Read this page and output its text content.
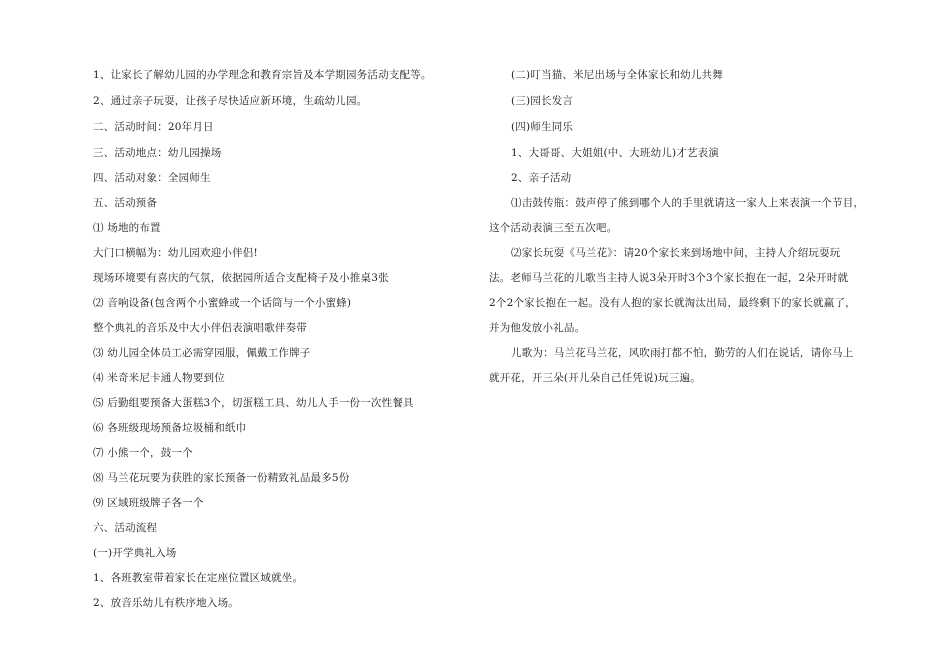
1、让家长了解幼儿园的办学理念和教育宗旨及本学期园务活动支配等。
2、通过亲子玩耍，让孩子尽快适应新环境，生疏幼儿园。
二、活动时间：20年月日
三、活动地点：幼儿园操场
四、活动对象：全园师生
五、活动预备
⑴ 场地的布置
大门口横幅为：幼儿园欢迎小伴侣!
现场环境要有喜庆的气氛，依据园所适合支配椅子及小推桌3张
⑵ 音响设备(包含两个小蜜蜂或一个话筒与一个小蜜蜂)
整个典礼的音乐及中大小伴侣表演唱歌伴奏带
⑶ 幼儿园全体员工必需穿园服，佩戴工作牌子
⑷ 米奇米尼卡通人物要到位
⑸ 后勤组要预备大蛋糕3个，切蛋糕工具、幼儿人手一份一次性餐具
⑹ 各班级现场预备垃圾桶和纸巾
⑺ 小熊一个，鼓一个
⑻ 马兰花玩要为获胜的家长预备一份精致礼品最多5份
⑼ 区域班级牌子各一个
六、活动流程
(一)开学典礼入场
1、各班教室带着家长在定座位置区域就坐。
2、放音乐幼儿有秩序地入场。
(二)叮当猫、米尼出场与全体家长和幼儿共舞
(三)园长发言
(四)师生同乐
1、大哥哥、大姐姐(中、大班幼儿)才艺表演
2、亲子活动
⑴击鼓传瓶：鼓声停了熊到哪个人的手里就请这一家人上来表演一个节目，
这个活动表演三至五次吧。
⑵家长玩耍《马兰花》：请20个家长来到场地中间，主持人介绍玩耍玩
法。老师马兰花的儿歌当主持人说3朵开时3个3个家长抱在一起，2朵开时就
2个2个家长抱在一起。没有人抱的家长就淘汰出局，最终剩下的家长就赢了，
并为他发放小礼品。
儿歌为：马兰花马兰花，风吹雨打都不怕，勤劳的人们在说话，请你马上
就开花，开三朵(开儿朵自己任凭说)玩三遍。
